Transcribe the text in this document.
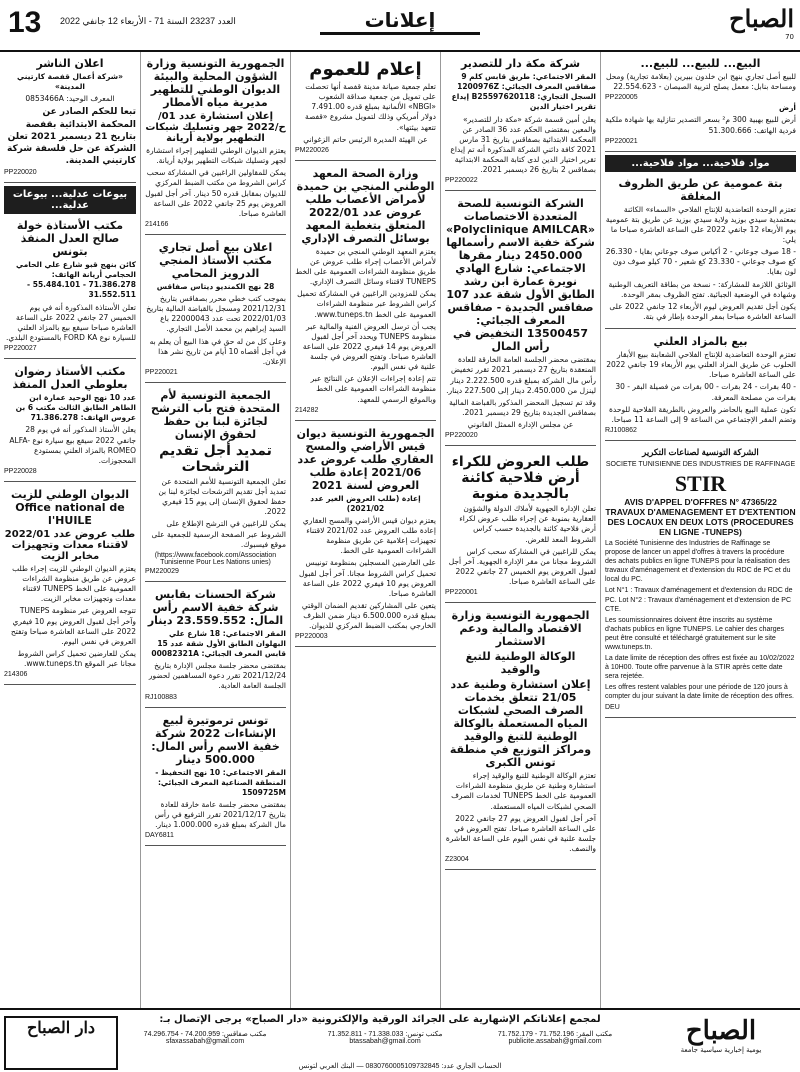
13 العدد 23237 السنة 71 - الأربعاء 12 جانفي 2022	إعلانات	الصباح
70
البيع... للبيع... للبيع...

للبيع أصل تجاري بنهج ابن خلدون ببيرين (بعلامة تجارية) ومحل ومساحة بنابل: معمل يصلح لتربية الصيصان - 22.554.623

PP220005

أرض

أرض للبيع بهبية 300 م² بسعر التصدير تنازلية بها شهادة ملكية فردية الهاتف: 51.300.666

PP220021

مواد فلاحية... مواد فلاحية...
بتة عمومية عن طريق الظروف المغلقة

تعتزم الوحدة التعاضدية للإنتاج الفلاحي «السماء» الكائنة بمعتمدية سيدي بوزيد ولاية سيدي بوزيد عن طريق بتة عمومية يوم الأربعاء 12 جانفي 2022 على الساعة العاشرة صباحا ما يلي:

- 18 صوف جوعاني - 2 أكياس صوف جوعاني بقايا - 26.330 كغ صوف جوعاني - 23.330 كغ شعير - 70 كيلو صوف دون لون بقايا.

الوثائق اللازمة للمشاركة: - نسخة من بطاقة التعريف الوطنية وشهادة في الوضعية الجبائية. تفتح الظروف بمقر الوحدة.

يكون أجل تقديم العروض ليوم الأربعاء 12 جانفي 2022 على الساعة العاشرة صباحا بمقر الوحدة بإطار في بتة.

بيع بالمزاد العلني

تعتزم الوحدة التعاضدية للإنتاج الفلاحي الشعابنة ببيع الأبقار الحلوب عن طريق المزاد العلني يوم الأربعاء 19 جانفي 2022 على الساعة العاشرة صباحا.

- 40 بقرات - 24 بقرات - 00 بقرات من فصيلة البقر - 30 بقرات من مصلحة المعرفة.

تكون عملية البيع بالحاضر والعروض بالطريقة الفلاحية للوحدة وتضم المقر الإجتماعي من الساعة 9 إلى الساعة 11 صباحا.

RJ100862

الشركة التونسية لصناعات التكرير

SOCIETE TUNISIENNE DES INDUSTRIES DE RAFFINAGE

STIR
AVIS D'APPEL D'OFFRES N° 47365/22 TRAVAUX D'AMENAGEMENT ET D'EXTENTION DES LOCAUX EN DEUX LOTS (PROCEDURES EN LIGNE -TUNEPS)

La Société Tunisienne des Industries de Raffinage se propose de lancer un appel d'offres à travers la procédure des achats publics en ligne TUNEPS pour la réalisation des travaux d'aménagement et d'extension du RDC de PC et du local du PC.

Lot N°1 : Travaux d'aménagement et d'extension du RDC de PC. Lot N°2 : Travaux d'aménagement et d'extension de PC CTE.

Les soumissionnaires doivent être inscrits au système d'achats publics en ligne TUNEPS. Le cahier des charges peut être consulté et téléchargé gratuitement sur le site www.tuneps.tn.

La date limite de réception des offres est fixée au 10/02/2022 à 10H00. Toute offre parvenue à la STIR après cette date sera rejetée.

Les offres restent valables pour une période de 120 jours à compter du jour suivant la date limite de réception des offres.

DEU

شركة مكة دار للتصدير

المقر الاجتماعي: طريق قابس كلم 9 صفاقس المعرف الجبائي: 1200976Z السجل التجاري: B25597620118 إيداع تقرير اختيار الدين

يعلن أمين قسمة شركة «مكة دار للتصدير» والمعين بمقتضى الحكم عدد 36 الصادر عن المحكمة الابتدائية بصفاقس بتاريخ 31 مارس 2021 كافة دائني الشركة المذكورة أنه تم إيداع تقرير اختيار الدين لدى كتابة المحكمة الابتدائية بصفاقس 2 بتاريخ 26 ديسمبر 2021.

PP220022

الشركة التونسية للصحة المتعددة الاختصاصات «Polyclinique AMILCAR» شركة خفية الاسم رأسمالها 2450.000 دينار مقرها الاجتماعي: شارع الهادي نويرة عمارة ابن رشد الطابق الأول شقة عدد 107 صفاقس الجديدة - صفاقس المعرف الجبائي: 13500457 التخفيض في رأس المال

بمقتضى محضر الجلسة العامة الخارقة للعادة المنعقدة بتاريخ 27 ديسمبر 2021 تقرر تخفيض رأس مال الشركة بمبلغ قدره 2.222.500 دينار لينزل من 2.450.000 دينار إلى 227.500 دينار.

وقد تم تسجيل المحضر المذكور بالقباضة المالية بصفاقس الجديدة بتاريخ 29 ديسمبر 2021.

عن مجلس الإدارة الممثل القانوني

PP220020

طلب العروض للكراء أرض فلاحية كائنة بالجديدة منوبة

تعلن الإدارة الجهوية لأملاك الدولة والشؤون العقارية بمنوبة عن إجراء طلب عروض لكراء أرض فلاحية كائنة بالجديدة حسب كراس الشروط المعد للغرض.

يمكن للراغبين في المشاركة سحب كراس الشروط مجانا من مقر الإدارة الجهوية. آخر أجل لقبول العروض يوم الخميس 27 جانفي 2022 على الساعة العاشرة صباحا.

PP220001

الجمهورية التونسية وزارة الاقتصاد والمالية ودعم الاستثمار
الوكالة الوطنية للتبغ والوقيد
إعلان استشارة وطنية عدد 21/05 تتعلق بخدمات الصرف الصحي لشبكات المياه المستعملة بالوكالة الوطنية للتبغ والوقيد ومراكز التوزيع في منطقة تونس الكبرى

تعتزم الوكالة الوطنية للتبغ والوقيد إجراء استشارة وطنية عن طريق منظومة الشراءات العمومية على الخط TUNEPS لخدمات الصرف الصحي لشبكات المياه المستعملة.

آخر أجل لقبول العروض يوم 27 جانفي 2022 على الساعة العاشرة صباحا. تفتح العروض في جلسة علنية في نفس اليوم على الساعة العاشرة والنصف.

Z23004

إعلام للعموم

تعلم جمعية صيانة مدينة قفصة أنها تحصلت على تمويل من جمعية صداقة الشعوب «NBGI» الألمانية بمبلغ قدره 7.491.00 دولار أمريكي وذلك لتمويل مشروع «قفصة تتعهد بيئتها».

عن الهيئة المديرة الرئيس حاتم الزغواني

PM220026

وزارة الصحة المعهد الوطني المنجي بن حميدة لأمراض الأعصاب طلب عروض عدد 2022/01 المتعلق بتغطية المعهد بوسائل التصرف الإداري

يعتزم المعهد الوطني المنجي بن حميدة لأمراض الأعصاب إجراء طلب عروض عن طريق منظومة الشراءات العمومية على الخط TUNEPS لاقتناء وسائل التصرف الإداري.

يمكن للمزودين الراغبين في المشاركة تحميل كراس الشروط عبر منظومة الشراءات العمومية على الخط www.tuneps.tn.

يجب أن ترسل العروض الفنية والمالية عبر منظومة TUNEPS ويحدد آخر أجل لقبول العروض يوم 14 فيفري 2022 على الساعة العاشرة صباحا. وتفتح العروض في جلسة علنية في نفس اليوم.

تتم إعادة إجراءات الإعلان عن النتائج عبر منظومة الشراءات العمومية على الخط وبالموقع الرسمي للمعهد.

214282

الجمهورية التونسية ديوان قيس الأراضي والمسح العقاري طلب عروض عدد 2021/06 إعادة طلب العروض لسنة 2021

إعادة (طلب العروض الغير عدد 2021/02)

يعتزم ديوان قيس الأراضي والمسح العقاري إعادة طلب العروض عدد 2021/02 لاقتناء تجهيزات إعلامية عن طريق منظومة الشراءات العمومية على الخط.

على العارضين المسجلين بمنظومة تونيبس تحميل كراس الشروط مجانا. آخر أجل لقبول العروض يوم 10 فيفري 2022 على الساعة العاشرة صباحا.

يتعين على المشاركين تقديم الضمان الوقتي بمبلغ قدره 6.500.000 دينار ضمن الظرف الخارجي بمكتب الضبط المركزي للديوان.

PP220003

الجمهورية التونسية وزارة الشؤون المحلية والبيئة الديوان الوطني للتطهير مديرية مياه الأمطار
إعلان استشارة عدد 01/ح/2022 جهر وتسليك شبكات التطهير بولاية أريانة

يعتزم الديوان الوطني للتطهير إجراء استشارة لجهر وتسليك شبكات التطهير بولاية أريانة.

يمكن للمقاولين الراغبين في المشاركة سحب كراس الشروط من مكتب الضبط المركزي للديوان بمقابل قدره 50 دينار. آخر أجل لقبول العروض يوم 25 جانفي 2022 على الساعة العاشرة صباحا.

214166

اعلان بيع أصل تجاري مكتب الأستاذ المنجي الدرويز المحامي

28 نهج الكمنديو ديتاس صفاقس

بموجب كتب خطي محرر بصفاقس بتاريخ 2021/12/31 ومسجل بالقباضة المالية بتاريخ 2022/01/03 تحت عدد 22000043 باع السيد إبراهيم بن محمد الأصل التجاري.

وعلى كل من له حق في هذا البيع أن يعلم به في أجل أقصاه 10 أيام من تاريخ نشر هذا الإعلان.

PP220021

الجمعية التونسية لأم المتحدة فتح باب الترشح لجائزة لبنا بن حفظ لحقوق الإنسان
تمديد أجل تقديم الترشحات

تعلن الجمعية التونسية للأمم المتحدة عن تمديد أجل تقديم الترشحات لجائزة لبنا بن حفظ لحقوق الإنسان إلى يوم 15 فيفري 2022.

يمكن للراغبين في الترشح الإطلاع على الشروط عبر الصفحة الرسمية للجمعية على موقع فيسبوك.

(https://www.facebook.com/Association Tunisienne Pour Les Nations unies)

PM220029

شركة الحسنات بقابس شركة خفية الاسم رأس المال: 23.559.552 دينار

المقر الاجتماعي: 18 شارع علي البهلوان الطابق الأول شقة عدد 15 قابس المعرف الجبائي: 00082321A

بمقتضى محضر جلسة مجلس الإدارة بتاريخ 2021/12/24 تقرر دعوة المساهمين لحضور الجلسة العامة العادية.

RJ100883

تونس ترموتيرة لبيع الإنشاءات 2022 شركة خفية الاسم رأس المال: 500.000 دينار

المقر الاجتماعي: 10 نهج التحفيظ - المنطقة الصناعية المعرف الجبائي: 1509725M

بمقتضى محضر جلسة عامة خارقة للعادة بتاريخ 2021/12/17 تقرر الترفيع في رأس مال الشركة بمبلغ قدره 1.000.000 دينار.

DAY6811

اعلان الناشر

«شركة أعمال قفصة كارتيني المدينة»

المعرف الوحيد: 0853466A

تبعا للحكم الصادر عن المحكمة الابتدائية بقفصة بتاريخ 21 ديسمبر 2021 تعلن الشركة عن حل فلسفة شركة كارتيني المدينة.

PP220020

بيوعات عدلية... بيوعات عدلية...
مكتب الأستاذة خولة صالح العدل المنفذ بتونس

كائن بنهج قبو شارع علي الحامي الحجامي أريانة الهاتف: 71.386.278 - 55.484.101 - 31.552.511

تعلن الأستاذة المذكورة أنه في يوم الخميس 27 جانفي 2022 على الساعة العاشرة صباحا سيقع بيع بالمزاد العلني للسيارة نوع FORD KA بالمستودع البلدي.

PP220027

مكتب الأستاذ رضوان بعلوطي العدل المنفذ

عدد 10 نهج الوحيد عمارة ابن الطاهر الطابق الثالث مكتب 6 بن عروس الهاتف: 71.386.278

يعلن الأستاذ المذكور أنه في يوم 28 جانفي 2022 سيقع بيع سيارة نوع ALFA-ROMEO بالمزاد العلني بمستودع المحجوزات.

PP220028

الديوان الوطني للزيت Office national de l'HUILE
طلب عروض عدد 2022/01 لاقتناء معدات وتجهيزات مخابر الزيت

يعتزم الديوان الوطني للزيت إجراء طلب عروض عن طريق منظومة الشراءات العمومية على الخط TUNEPS لاقتناء معدات وتجهيزات مخابر الزيت.

تتوجه العروض عبر منظومة TUNEPS وآخر أجل لقبول العروض يوم 10 فيفري 2022 على الساعة العاشرة صباحا وتفتح العروض في نفس اليوم.

يمكن للعارضين تحميل كراس الشروط مجانا عبر الموقع www.tuneps.tn.

214306

الصباح
يومية إخبارية سياسية جامعة
لمجمع إعلاناتكم الإشهارية على الجرائد الورقية والإلكترونية «دار الصباح» يرجى الإتصال بـ:
مكتب المقر: 71.752.196 - 71.752.179 publicite.assabah@gmail.com
مكتب تونس: 71.338.033 - 71.352.811 btassabah@gmail.com
مكتب صفاقس: 74.200.959 - 74.296.754 sfaxassabah@gmail.com
دار الصباح
الحساب الجاري عدد: 0830760005109732845 — البنك العربي لتونس
